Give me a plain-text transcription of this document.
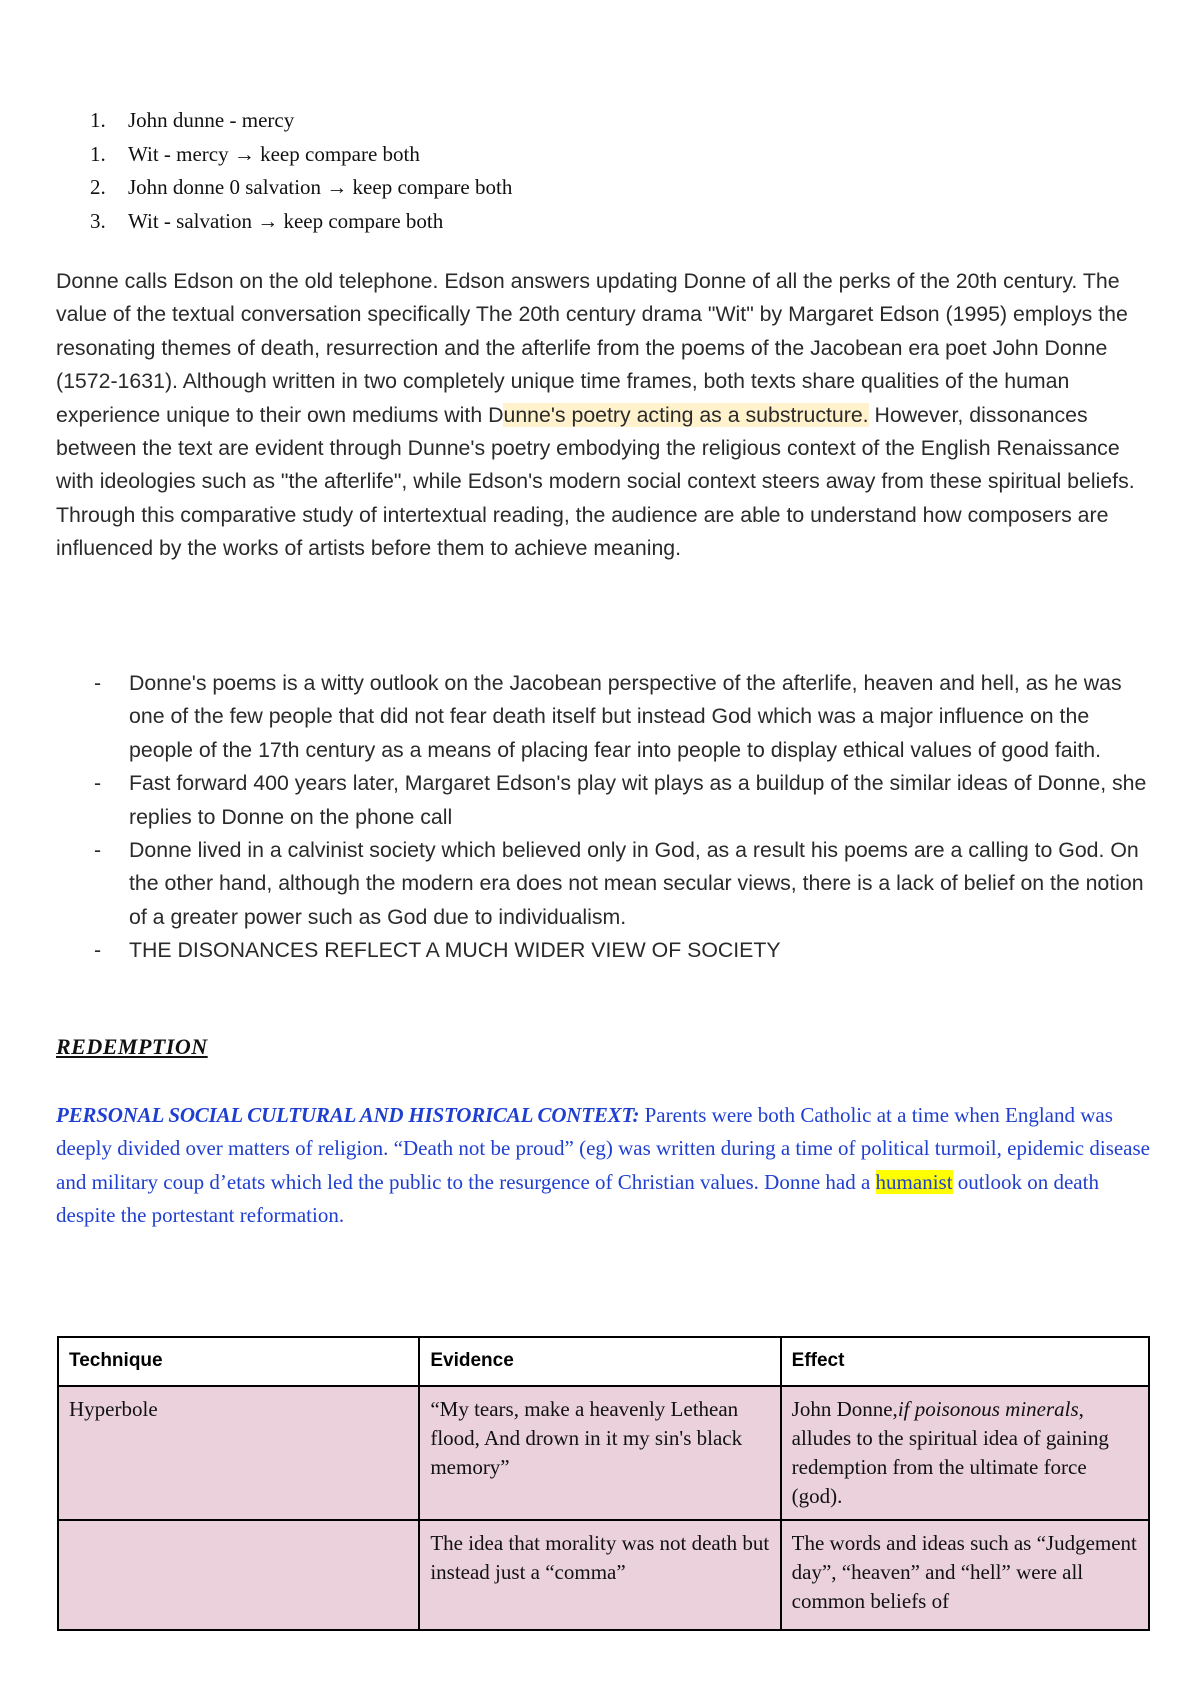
1.	John dunne - mercy
1.	Wit - mercy → keep compare both
2.	John donne 0 salvation → keep compare both
3.	Wit - salvation → keep compare both

Donne calls Edson on the old telephone. Edson answers updating Donne of all the perks of the 20th century. The value of the textual conversation specifically The 20th century drama "Wit" by Margaret Edson (1995) employs the resonating themes of death, resurrection and the afterlife from the poems of the Jacobean era poet John Donne (1572-1631). Although written in two completely unique time frames, both texts share qualities of the human experience unique to their own mediums with Dunne's poetry acting as a substructure. However, dissonances between the text are evident through Dunne's poetry embodying the religious context of the English Renaissance with ideologies such as "the afterlife", while Edson's modern social context steers away from these spiritual beliefs. Through this comparative study of intertextual reading, the audience are able to understand how composers are influenced by the works of artists before them to achieve meaning.

- Donne's poems is a witty outlook on the Jacobean perspective of the afterlife, heaven and hell, as he was one of the few people that did not fear death itself but instead God which was a major influence on the people of the 17th century as a means of placing fear into people to display ethical values of good faith.

- Fast forward 400 years later, Margaret Edson's play wit plays as a buildup of the similar ideas of Donne, she replies to Donne on the phone call

- Donne lived in a calvinist society which believed only in God, as a result his poems are a calling to God. On the other hand, although the modern era does not mean secular views, there is a lack of belief on the notion of a greater power such as God due to individualism.

- THE DISONANCES REFLECT A MUCH WIDER VIEW OF SOCIETY

REDEMPTION
PERSONAL SOCIAL CULTURAL AND HISTORICAL CONTEXT: Parents were both Catholic at a time when England was deeply divided over matters of religion. “Death not be proud” (eg) was written during a time of political turmoil, epidemic disease and military coup d’etats which led the public to the resurgence of Christian values. Donne had a humanist outlook on death despite the portestant reformation.
Technique	Evidence	Effect
Hyperbole	“My tears, make a heavenly Lethean flood, And drown in it my sin's black memory”	John Donne,if poisonous minerals, alludes to the spiritual idea of gaining redemption from the ultimate force (god).
	The idea that morality was not death but instead just a “comma”	The words and ideas such as “Judgement day”, “heaven” and “hell” were all common beliefs of
